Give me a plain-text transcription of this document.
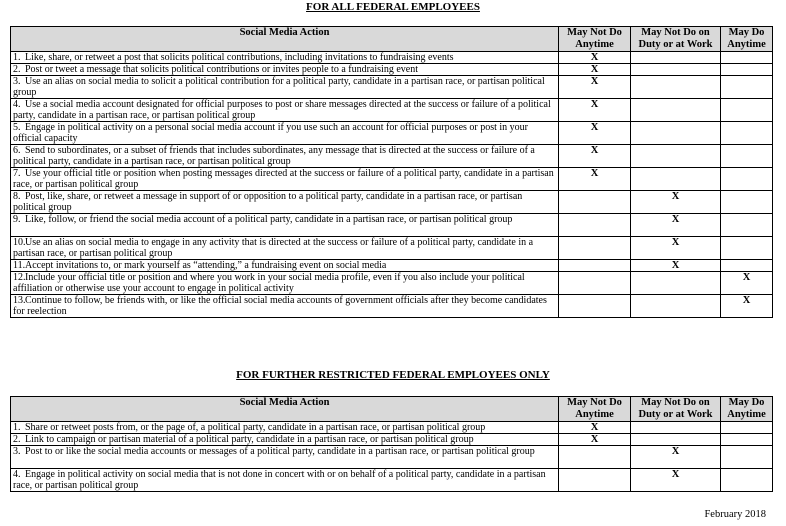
FOR ALL FEDERAL EMPLOYEES
Social Media Action	May Not Do Anytime	May Not Do on Duty or at Work	May Do Anytime
1. Like, share, or retweet a post that solicits political contributions, including invitations to fundraising events	X		
2. Post or tweet a message that solicits political contributions or invites people to a fundraising event	X		
3. Use an alias on social media to solicit a political contribution for a political party, candidate in a partisan race, or partisan political group	X		
4. Use a social media account designated for official purposes to post or share messages directed at the success or failure of a political party, candidate in a partisan race, or partisan political group	X		
5. Engage in political activity on a personal social media account if you use such an account for official purposes or post in your official capacity	X		
6. Send to subordinates, or a subset of friends that includes subordinates, any message that is directed at the success or failure of a political party, candidate in a partisan race, or partisan political group	X		
7. Use your official title or position when posting messages directed at the success or failure of a political party, candidate in a partisan race, or partisan political group	X		
8. Post, like, share, or retweet a message in support of or opposition to a political party, candidate in a partisan race, or partisan political group		X	
9. Like, follow, or friend the social media account of a political party, candidate in a partisan race, or partisan political group		X	
10.Use an alias on social media to engage in any activity that is directed at the success or failure of a political party, candidate in a partisan race, or partisan political group		X	
11.Accept invitations to, or mark yourself as “attending,” a fundraising event on social media		X	
12.Include your official title or position and where you work in your social media profile, even if you also include your political affiliation or otherwise use your account to engage in political activity			X
13.Continue to follow, be friends with, or like the official social media accounts of government officials after they become candidates for reelection			X
FOR FURTHER RESTRICTED FEDERAL EMPLOYEES ONLY
Social Media Action	May Not Do Anytime	May Not Do on Duty or at Work	May Do Anytime
1. Share or retweet posts from, or the page of, a political party, candidate in a partisan race, or partisan political group	X		
2. Link to campaign or partisan material of a political party, candidate in a partisan race, or partisan political group	X		
3. Post to or like the social media accounts or messages of a political party, candidate in a partisan race, or partisan political group		X	
4. Engage in political activity on social media that is not done in concert with or on behalf of a political party, candidate in a partisan race, or partisan political group		X	
February 2018
